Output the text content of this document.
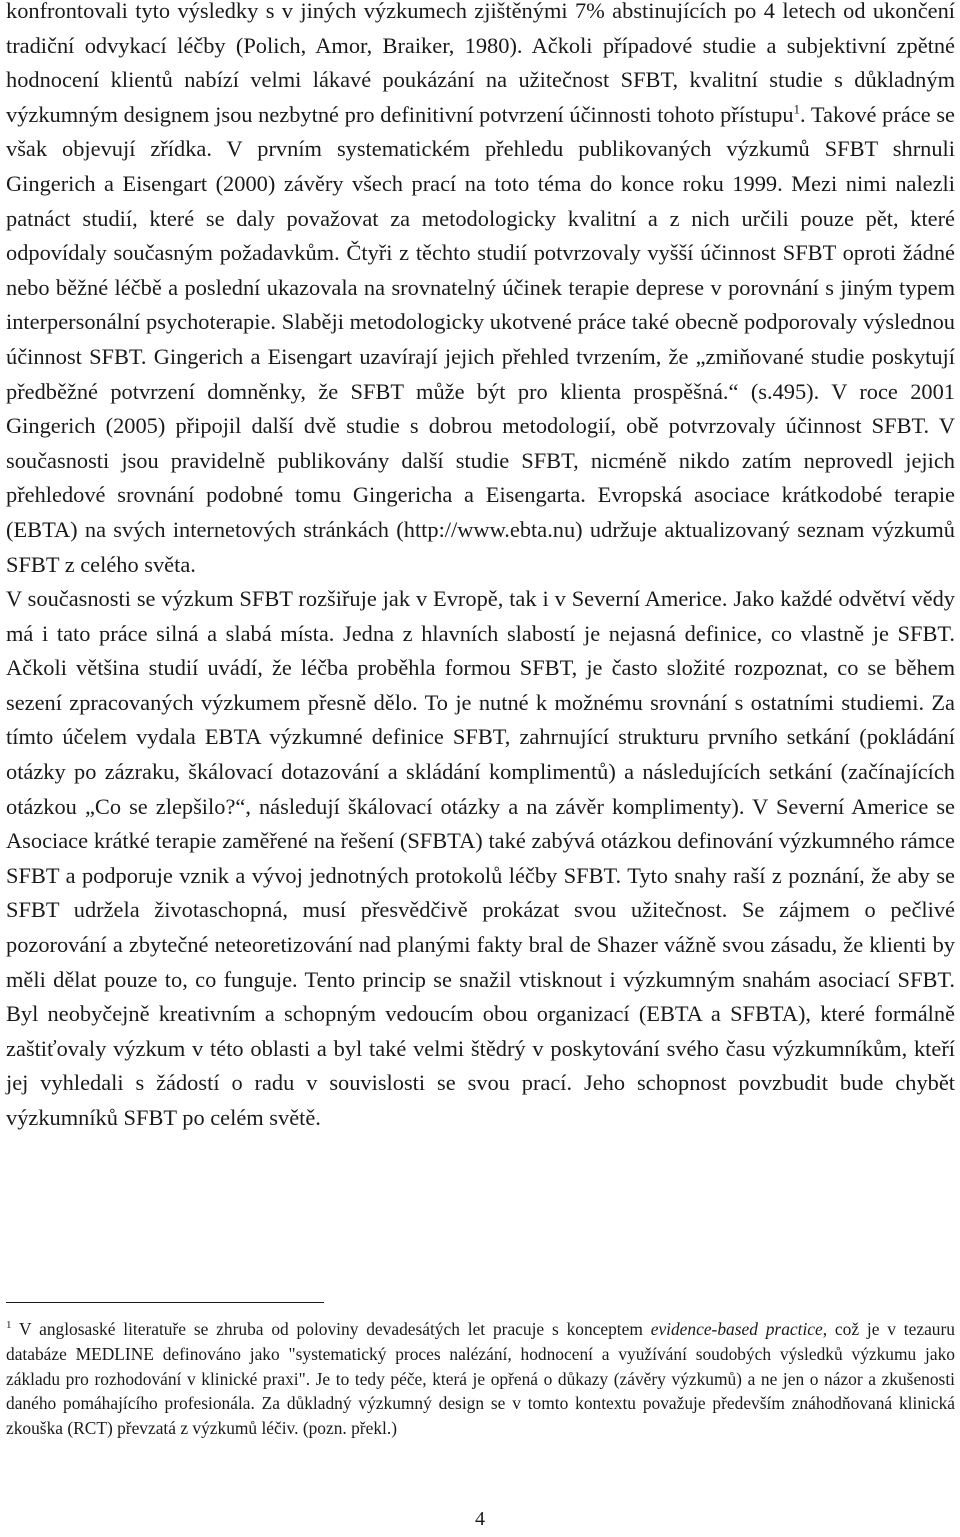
konfrontovali tyto výsledky s v jiných výzkumech zjištěnými 7% abstinujících po 4 letech od ukončení tradiční odvykací léčby (Polich, Amor, Braiker, 1980). Ačkoli případové studie a subjektivní zpětné hodnocení klientů nabízí velmi lákavé poukázání na užitečnost SFBT, kvalitní studie s důkladným výzkumným designem jsou nezbytné pro definitivní potvrzení účinnosti tohoto přístupu$^1$. Takové práce se však objevují zřídka. V prvním systematickém přehledu publikovaných výzkumů SFBT shrnuli Gingerich a Eisengart (2000) závěry všech prací na toto téma do konce roku 1999. Mezi nimi nalezli patnáct studií, které se daly považovat za metodologicky kvalitní a z nich určili pouze pět, které odpovídaly současným požadavkům. Čtyři z těchto studií potvrzovaly vyšší účinnost SFBT oproti žádné nebo běžné léčbě a poslední ukazovala na srovnatelný účinek terapie deprese v porovnání s jiným typem interpersonální psychoterapie. Slaběji metodologicky ukotvené práce také obecně podporovaly výslednou účinnost SFBT. Gingerich a Eisengart uzavírají jejich přehled tvrzením, že „zmiňované studie poskytují předběžné potvrzení domněnky, že SFBT může být pro klienta prospěšná.“ (s.495). V roce 2001 Gingerich (2005) připojil další dvě studie s dobrou metodologií, obě potvrzovaly účinnost SFBT. V současnosti jsou pravidelně publikovány další studie SFBT, nicméně nikdo zatím neprovedl jejich přehledové srovnání podobné tomu Gingericha a Eisengarta. Evropská asociace krátkodobé terapie (EBTA) na svých internetových stránkách (http://www.ebta.nu) udržuje aktualizovaný seznam výzkumů SFBT z celého světa.

V současnosti se výzkum SFBT rozšiřuje jak v Evropě, tak i v Severní Americe. Jako každé odvětví vědy má i tato práce silná a slabá místa. Jedna z hlavních slabostí je nejasná definice, co vlastně je SFBT. Ačkoli většina studií uvádí, že léčba proběhla formou SFBT, je často složité rozpoznat, co se během sezení zpracovaných výzkumem přesně dělo. To je nutné k možnému srovnání s ostatními studiemi. Za tímto účelem vydala EBTA výzkumné definice SFBT, zahrnující strukturu prvního setkání (pokládání otázky po zázraku, škálovací dotazování a skládání komplimentů) a následujících setkání (začínajících otázkou „Co se zlepšilo?“, následují škálovací otázky a na závěr komplimenty). V Severní Americe se Asociace krátké terapie zaměřené na řešení (SFBTA) také zabývá otázkou definování výzkumného rámce SFBT a podporuje vznik a vývoj jednotných protokolů léčby SFBT. Tyto snahy raší z poznání, že aby se SFBT udržela životaschopná, musí přesvědčivě prokázat svou užitečnost. Se zájmem o pečlivé pozorování a zbytečné neteoretizování nad planými fakty bral de Shazer vážně svou zásadu, že klienti by měli dělat pouze to, co funguje. Tento princip se snažil vtisknout i výzkumným snahám asociací SFBT. Byl neobyčejně kreativním a schopným vedoucím obou organizací (EBTA a SFBTA), které formálně zaštiťovaly výzkum v této oblasti a byl také velmi štědrý v poskytování svého času výzkumníkům, kteří jej vyhledali s žádostí o radu v souvislosti se svou prací. Jeho schopnost povzbudit bude chybět výzkumníků SFBT po celém světě.

$^1$ V anglosaské literatuře se zhruba od poloviny devadesátých let pracuje s konceptem evidence-based practice, což je v tezauru databáze MEDLINE definováno jako "systematický proces nalézání, hodnocení a využívání soudobých výsledků výzkumu jako základu pro rozhodování v klinické praxi". Je to tedy péče, která je opřená o důkazy (závěry výzkumů) a ne jen o názor a zkušenosti daného pomáhajícího profesionála. Za důkladný výzkumný design se v tomto kontextu považuje především znáhodňovaná klinická zkouška (RCT) převzatá z výzkumů léčiv. (pozn. překl.)
4
